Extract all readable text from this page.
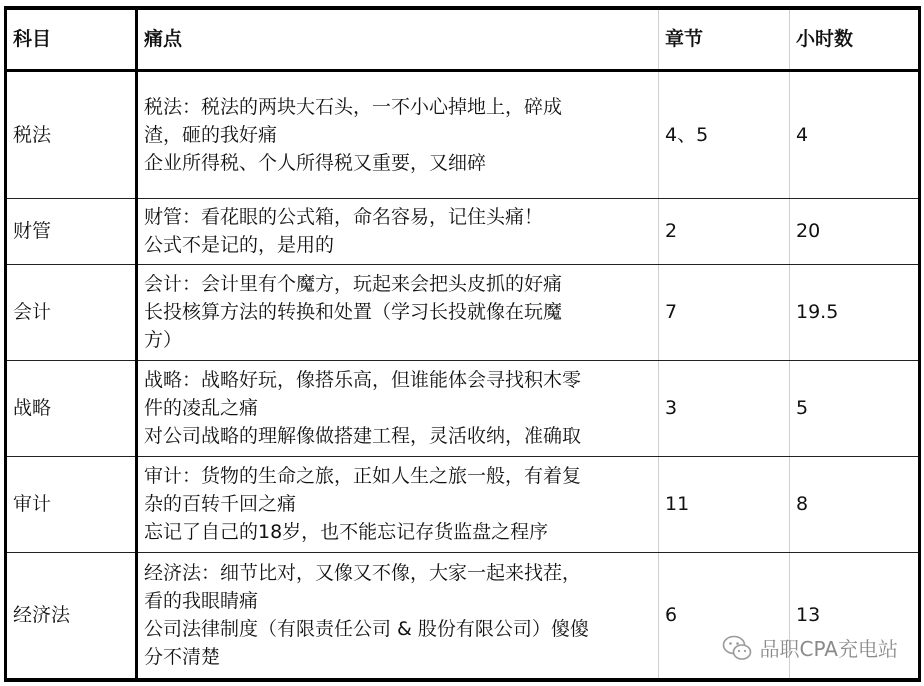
科目	痛点	章节	小时数
税法	税法：税法的两块大石头，一不小心掉地上，碎成
渣，砸的我好痛
企业所得税、个人所得税又重要，又细碎	4、5	4
财管	财管：看花眼的公式箱，命名容易，记住头痛！
公式不是记的，是用的	2	20
会计	会计：会计里有个魔方，玩起来会把头皮抓的好痛
长投核算方法的转换和处置（学习长投就像在玩魔
方）	7	19.5
战略	战略：战略好玩，像搭乐高，但谁能体会寻找积木零
件的凌乱之痛
对公司战略的理解像做搭建工程，灵活收纳，准确取	3	5
审计	审计：货物的生命之旅，正如人生之旅一般，有着复
杂的百转千回之痛
忘记了自己的18岁，也不能忘记存货监盘之程序	11	8
经济法	经济法：细节比对，又像又不像，大家一起来找茬，
看的我眼睛痛
公司法律制度（有限责任公司 & 股份有限公司）傻傻
分不清楚	6	13
品职CPA充电站
